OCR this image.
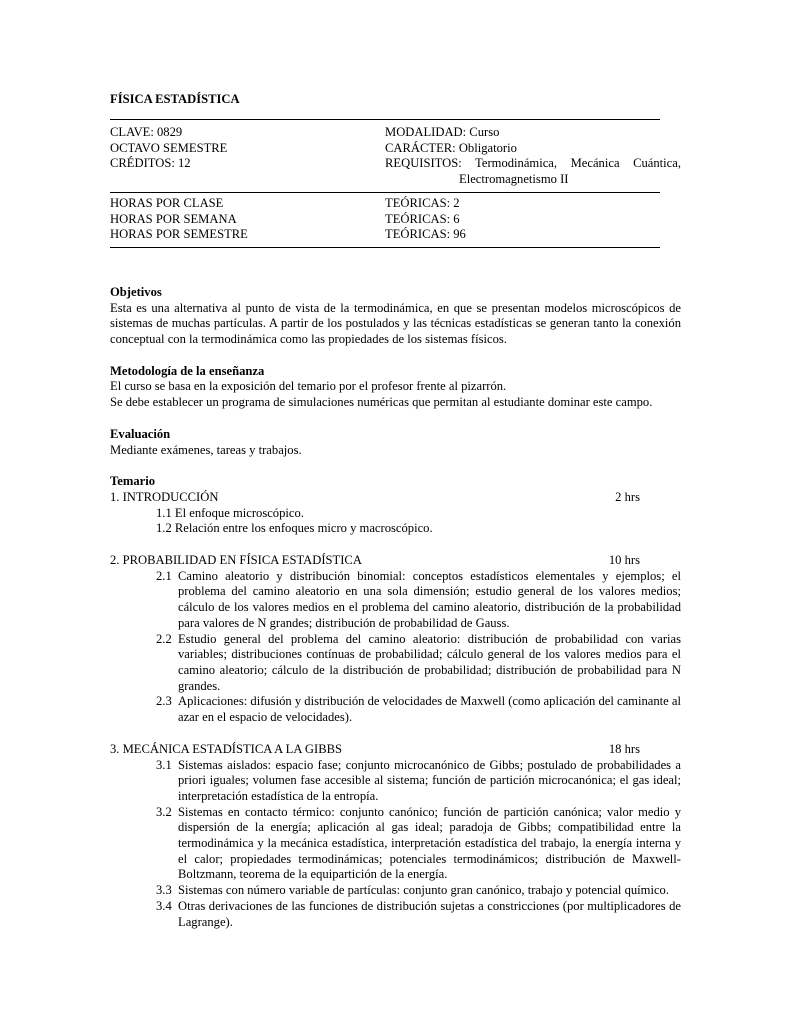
FÍSICA ESTADÍSTICA
CLAVE: 0829	MODALIDAD: Curso
OCTAVO SEMESTRE	CARÁCTER: Obligatorio
CRÉDITOS: 12	REQUISITOS: Termodinámica, Mecánica Cuántica,
Electromagnetismo II
HORAS POR CLASE	TEÓRICAS: 2
HORAS POR SEMANA	TEÓRICAS: 6
HORAS POR SEMESTRE	TEÓRICAS: 96
Objetivos

Esta es una alternativa al punto de vista de la termodinámica, en que se presentan modelos microscópicos de sistemas de muchas partículas. A partir de los postulados y las técnicas estadísticas se generan tanto la conexión conceptual con la termodinámica como las propiedades de los sistemas físicos.

Metodología de la enseñanza

El curso se basa en la exposición del temario por el profesor frente al pizarrón.

Se debe establecer un programa de simulaciones numéricas que permitan al estudiante dominar este campo.

Evaluación

Mediante exámenes, tareas y trabajos.

Temario
1. INTRODUCCIÓN	2 hrs
1.1 El enfoque microscópico.
1.2 Relación entre los enfoques micro y macroscópico.
2. PROBABILIDAD EN FÍSICA ESTADÍSTICA	10 hrs
2.1 Camino aleatorio y distribución binomial: conceptos estadísticos elementales y ejemplos; el problema del camino aleatorio en una sola dimensión; estudio general de los valores medios; cálculo de los valores medios en el problema del camino aleatorio, distribución de la probabilidad para valores de N grandes; distribución de probabilidad de Gauss.
2.2 Estudio general del problema del camino aleatorio: distribución de probabilidad con varias variables; distribuciones contínuas de probabilidad; cálculo general de los valores medios para el camino aleatorio; cálculo de la distribución de probabilidad; distribución de probabilidad para N grandes.
2.3 Aplicaciones: difusión y distribución de velocidades de Maxwell (como aplicación del caminante al azar en el espacio de velocidades).
3. MECÁNICA ESTADÍSTICA A LA GIBBS	18 hrs
3.1 Sistemas aislados: espacio fase; conjunto microcanónico de Gibbs; postulado de probabilidades a priori iguales; volumen fase accesible al sistema; función de partición microcanónica; el gas ideal; interpretación estadística de la entropía.
3.2 Sistemas en contacto térmico: conjunto canónico; función de partición canónica; valor medio y dispersión de la energía; aplicación al gas ideal; paradoja de Gibbs; compatibilidad entre la termodinámica y la mecánica estadística, interpretación estadística del trabajo, la energía interna y el calor; propiedades termodinámicas; potenciales termodinámicos; distribución de Maxwell-Boltzmann, teorema de la equipartición de la energía.
3.3 Sistemas con número variable de partículas: conjunto gran canónico, trabajo y potencial químico.
3.4 Otras derivaciones de las funciones de distribución sujetas a constricciones (por multiplicadores de Lagrange).
